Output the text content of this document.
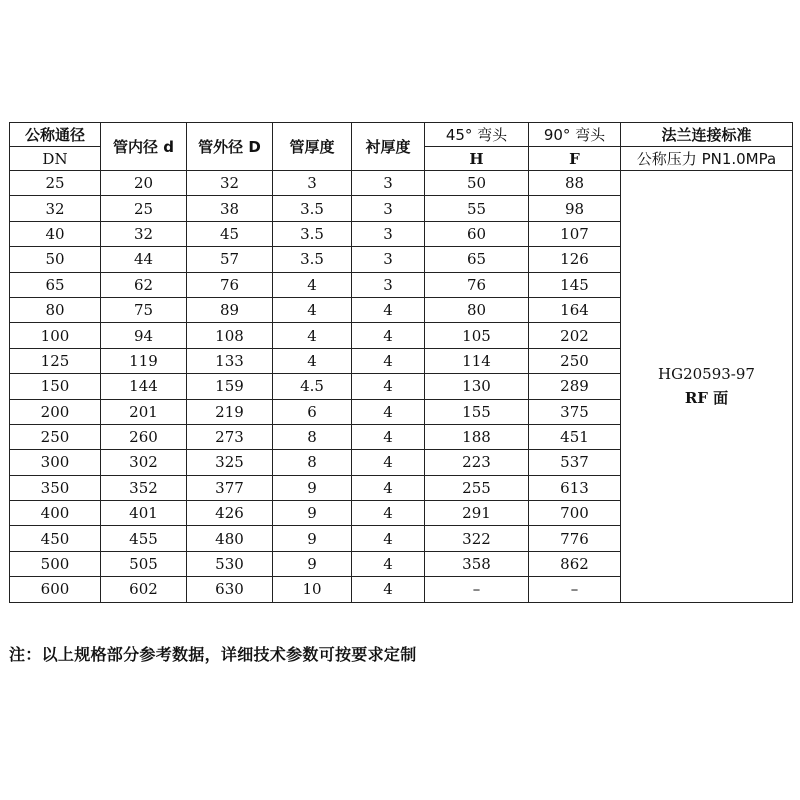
公称通径	管内径 d	管外径 D	管厚度	衬厚度	45° 弯头	90° 弯头	法兰连接标准
DN					H	F	公称压力 PN1.0MPa
25	20	32	3	3	50	88	HG20593-97
RF 面

32	25	38	3.5	3	55	98	
40	32	45	3.5	3	60	107	
50	44	57	3.5	3	65	126	
65	62	76	4	3	76	145	
80	75	89	4	4	80	164	
100	94	108	4	4	105	202	
125	119	133	4	4	114	250	
150	144	159	4.5	4	130	289	
200	201	219	6	4	155	375	
250	260	273	8	4	188	451	
300	302	325	8	4	223	537	
350	352	377	9	4	255	613	
400	401	426	9	4	291	700	
450	455	480	9	4	322	776	
500	505	530	9	4	358	862	
600	602	630	10	4	–	–	
注：以上规格部分参考数据，详细技术参数可按要求定制
